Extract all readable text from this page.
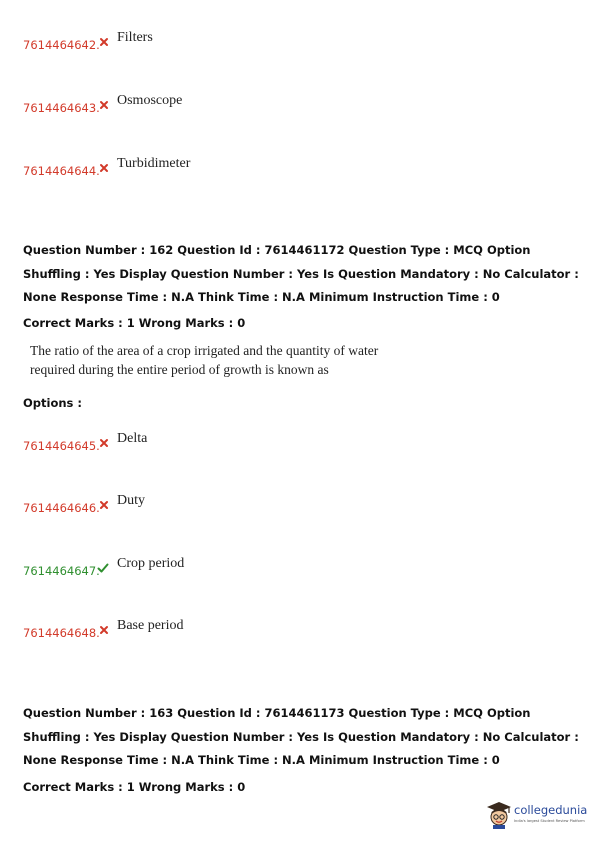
7614464642. Filters
7614464643. Osmoscope
7614464644. Turbidimeter
Question Number : 162 Question Id : 7614461172 Question Type : MCQ Option Shuffling : Yes Display Question Number : Yes Is Question Mandatory : No Calculator : None Response Time : N.A Think Time : N.A Minimum Instruction Time : 0
Correct Marks : 1 Wrong Marks : 0
The ratio of the area of a crop irrigated and the quantity of water
required during the entire period of growth is known as
Options :
7614464645. Delta
7614464646. Duty
7614464647. Crop period
7614464648. Base period
Question Number : 163 Question Id : 7614461173 Question Type : MCQ Option Shuffling : Yes Display Question Number : Yes Is Question Mandatory : No Calculator : None Response Time : N.A Think Time : N.A Minimum Instruction Time : 0
Correct Marks : 1 Wrong Marks : 0
collegedunia
India's largest Student Review Platform
